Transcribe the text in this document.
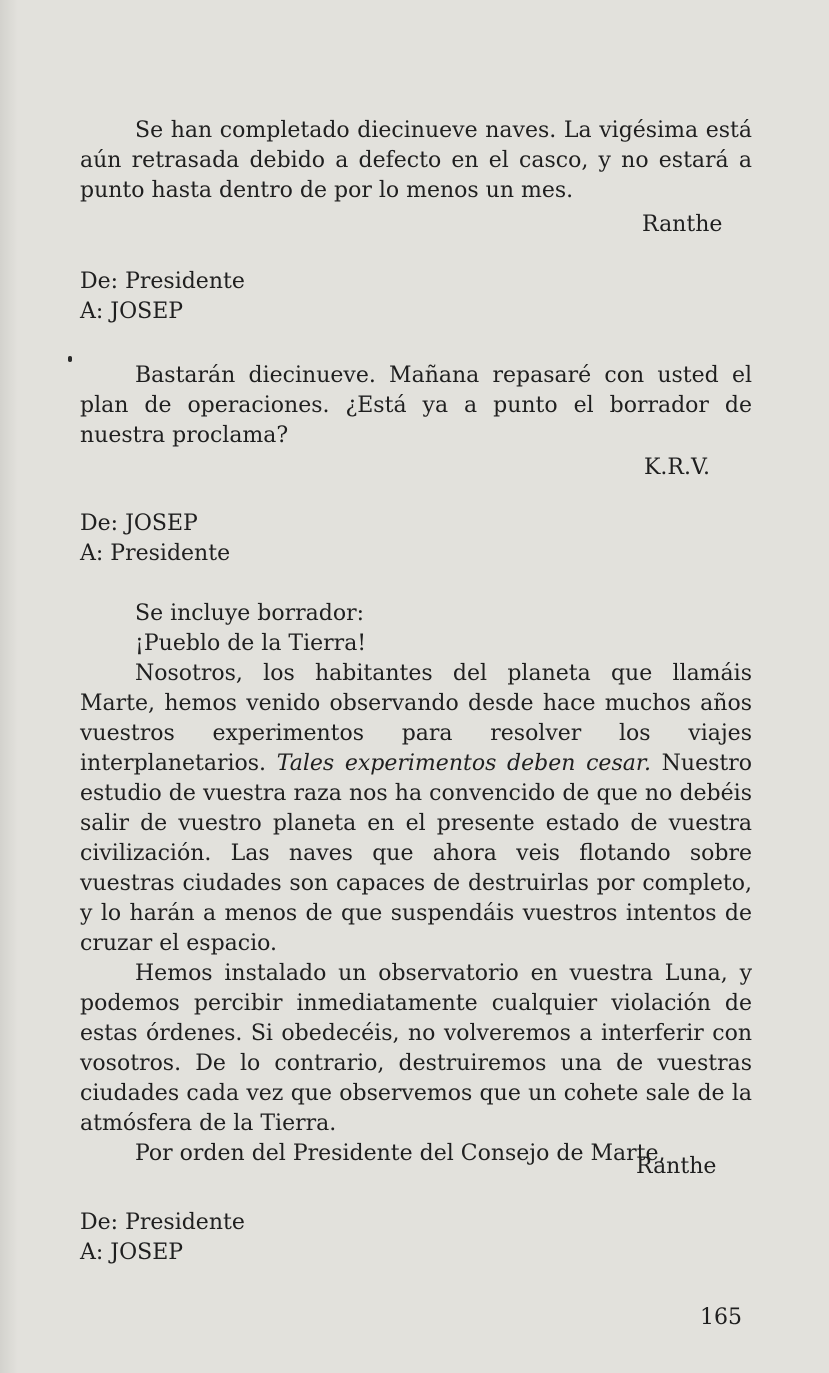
Se han completado diecinueve naves. La vigésima está aún retrasada debido a defecto en el casco, y no estará a punto hasta dentro de por lo menos un mes.

Ranthe
De: Presidente
A: JOSEP

Bastarán diecinueve. Mañana repasaré con usted el plan de operaciones. ¿Está ya a punto el borrador de nuestra proclama?

K.R.V.
De: JOSEP
A: Presidente

Se incluye borrador:

¡Pueblo de la Tierra!

Nosotros, los habitantes del planeta que llamáis Marte, hemos venido observando desde hace muchos años vuestros experimentos para resolver los viajes interplanetarios. Tales experimentos deben cesar. Nuestro estudio de vuestra raza nos ha convencido de que no debéis salir de vuestro planeta en el presente estado de vuestra civilización. Las naves que ahora veis flotando sobre vuestras ciudades son capaces de destruirlas por completo, y lo harán a menos de que suspendáis vuestros intentos de cruzar el espacio.

Hemos instalado un observatorio en vuestra Luna, y podemos percibir inmediatamente cualquier violación de estas órdenes. Si obedecéis, no volveremos a interferir con vosotros. De lo contrario, destruiremos una de vuestras ciudades cada vez que observemos que un cohete sale de la atmósfera de la Tierra.

Por orden del Presidente del Consejo de Marte,

Ranthe
De: Presidente
A: JOSEP
165
